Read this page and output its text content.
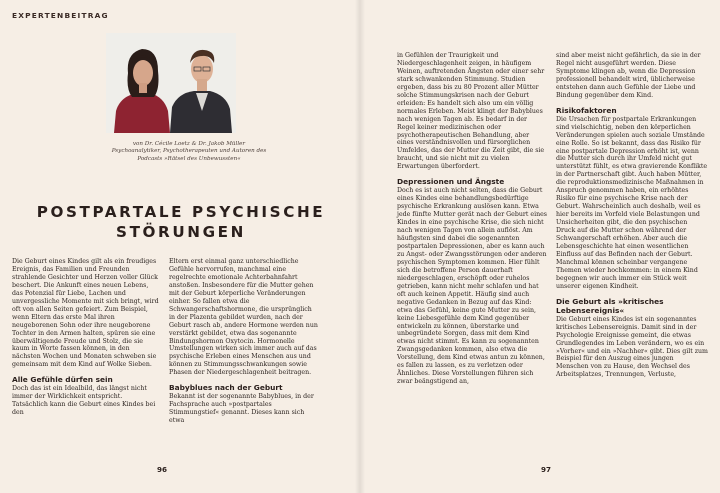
EXPERTENBEITRAG
von Dr. Cécile Loetz & Dr. Jakob Müller
Psychoanalytiker, Psychotherapeuten und Autoren des
Podcasts »Rätsel des Unbewussten«
POSTPARTALE PSYCHISCHE
STÖRUNGEN

Die Geburt eines Kindes gilt als ein freudiges Ereignis, das Familien und Freunden strahlende Gesichter und Herzen voller Glück beschert. Die Ankunft eines neuen Lebens, das Potenzial für Liebe, Lachen und unvergessliche Momente mit sich bringt, wird oft von allen Seiten gefeiert. Zum Beispiel, wenn Eltern das erste Mal ihren neugeborenen Sohn oder ihre neugeborene Tochter in den Armen halten, spüren sie eine überwältigende Freude und Stolz, die sie kaum in Worte fassen können, in den nächsten Wochen und Monaten schweben sie gemeinsam mit dem Kind auf Wolke Sieben.

Alle Gefühle dürfen sein

Doch das ist ein Idealbild, das längst nicht immer der Wirklichkeit entspricht. Tatsächlich kann die Geburt eines Kindes bei den

Eltern erst einmal ganz unterschiedliche Gefühle hervorrufen, manchmal eine regelrechte emotionale Achterbahnfahrt anstoßen. Insbesondere für die Mutter gehen mit der Geburt körperliche Veränderungen einher. So fallen etwa die Schwangerschaftshormone, die ursprünglich in der Plazenta gebildet wurden, nach der Geburt rasch ab, andere Hormone werden nun verstärkt gebildet, etwa das sogenannte Bindungshormon Oxytocin. Hormonelle Umstellungen wirken sich immer auch auf das psychische Erleben eines Menschen aus und können zu Stimmungsschwankungen sowie Phasen der Niedergeschlagenheit beitragen.

Babyblues nach der Geburt

Bekannt ist der sogenannte Babyblues, in der Fachsprache auch »postpartales Stimmungstief« genannt. Dieses kann sich etwa

96	97

in Gefühlen der Traurigkeit und Niedergeschlagenheit zeigen, in häufigem Weinen, auftretenden Ängsten oder einer sehr stark schwankenden Stimmung. Studien ergeben, dass bis zu 80 Prozent aller Mütter solche Stimmungskrisen nach der Geburt erleiden: Es handelt sich also um ein völlig normales Erleben. Meist klingt der Babyblues nach wenigen Tagen ab. Es bedarf in der Regel keiner medizinischen oder psychotherapeutischen Behandlung, aber eines verständnisvollen und fürsorglichen Umfeldes, das der Mutter die Zeit gibt, die sie braucht, und sie nicht mit zu vielen Erwartungen überfordert.

Depressionen und Ängste

Doch es ist auch nicht selten, dass die Geburt eines Kindes eine behandlungsbedürftige psychische Erkrankung auslösen kann. Etwa jede fünfte Mutter gerät nach der Geburt eines Kindes in eine psychische Krise, die sich nicht nach wenigen Tagen von allein auflöst. Am häufigsten sind dabei die sogenannten postpartalen Depressionen, aber es kann auch zu Angst- oder Zwangsstörungen oder anderen psychischen Symptomen kommen. Hier fühlt sich die betroffene Person dauerhaft niedergeschlagen, erschöpft oder ruhelos getrieben, kann nicht mehr schlafen und hat oft auch keinen Appetit. Häufig sind auch negative Gedanken in Bezug auf das Kind: etwa das Gefühl, keine gute Mutter zu sein, keine Liebesgefühle dem Kind gegenüber entwickeln zu können, überstarke und unbegründete Sorgen, dass mit dem Kind etwas nicht stimmt. Es kann zu sogenannten Zwangsgedanken kommen, also etwa die Vorstellung, dem Kind etwas antun zu können, es fallen zu lassen, es zu verletzen oder Ähnliches. Diese Vorstellungen führen sich zwar beängstigend an,

sind aber meist nicht gefährlich, da sie in der Regel nicht ausgeführt werden. Diese Symptome klingen ab, wenn die Depression professionell behandelt wird, üblicherweise entstehen dann auch Gefühle der Liebe und Bindung gegenüber dem Kind.

Risikofaktoren

Die Ursachen für postpartale Erkrankungen sind vielschichtig, neben den körperlichen Veränderungen spielen auch soziale Umstände eine Rolle. So ist bekannt, dass das Risiko für eine postpartale Depression erhöht ist, wenn die Mutter sich durch ihr Umfeld nicht gut unterstützt fühlt, es etwa gravierende Konflikte in der Partnerschaft gibt. Auch haben Mütter, die reproduktionsmedizinische Maßnahmen in Anspruch genommen haben, ein erhöhtes Risiko für eine psychische Krise nach der Geburt. Wahrscheinlich auch deshalb, weil es hier bereits im Vorfeld viele Belastungen und Unsicherheiten gibt, die den psychischen Druck auf die Mutter schon während der Schwangerschaft erhöhen. Aber auch die Lebensgeschichte hat einen wesentlichen Einfluss auf das Befinden nach der Geburt. Manchmal können scheinbar vergangene Themen wieder hochkommen: in einem Kind begegnen wir auch immer ein Stück weit unserer eigenen Kindheit.

Die Geburt als »kritisches Lebensereignis«

Die Geburt eines Kindes ist ein sogenanntes kritisches Lebensereignis. Damit sind in der Psychologie Ereignisse gemeint, die etwas Grundlegendes im Leben verändern, wo es ein »Vorher« und ein »Nachher« gibt. Dies gilt zum Beispiel für den Auszug eines jungen Menschen von zu Hause, den Wechsel des Arbeitsplatzes, Trennungen, Verluste,
